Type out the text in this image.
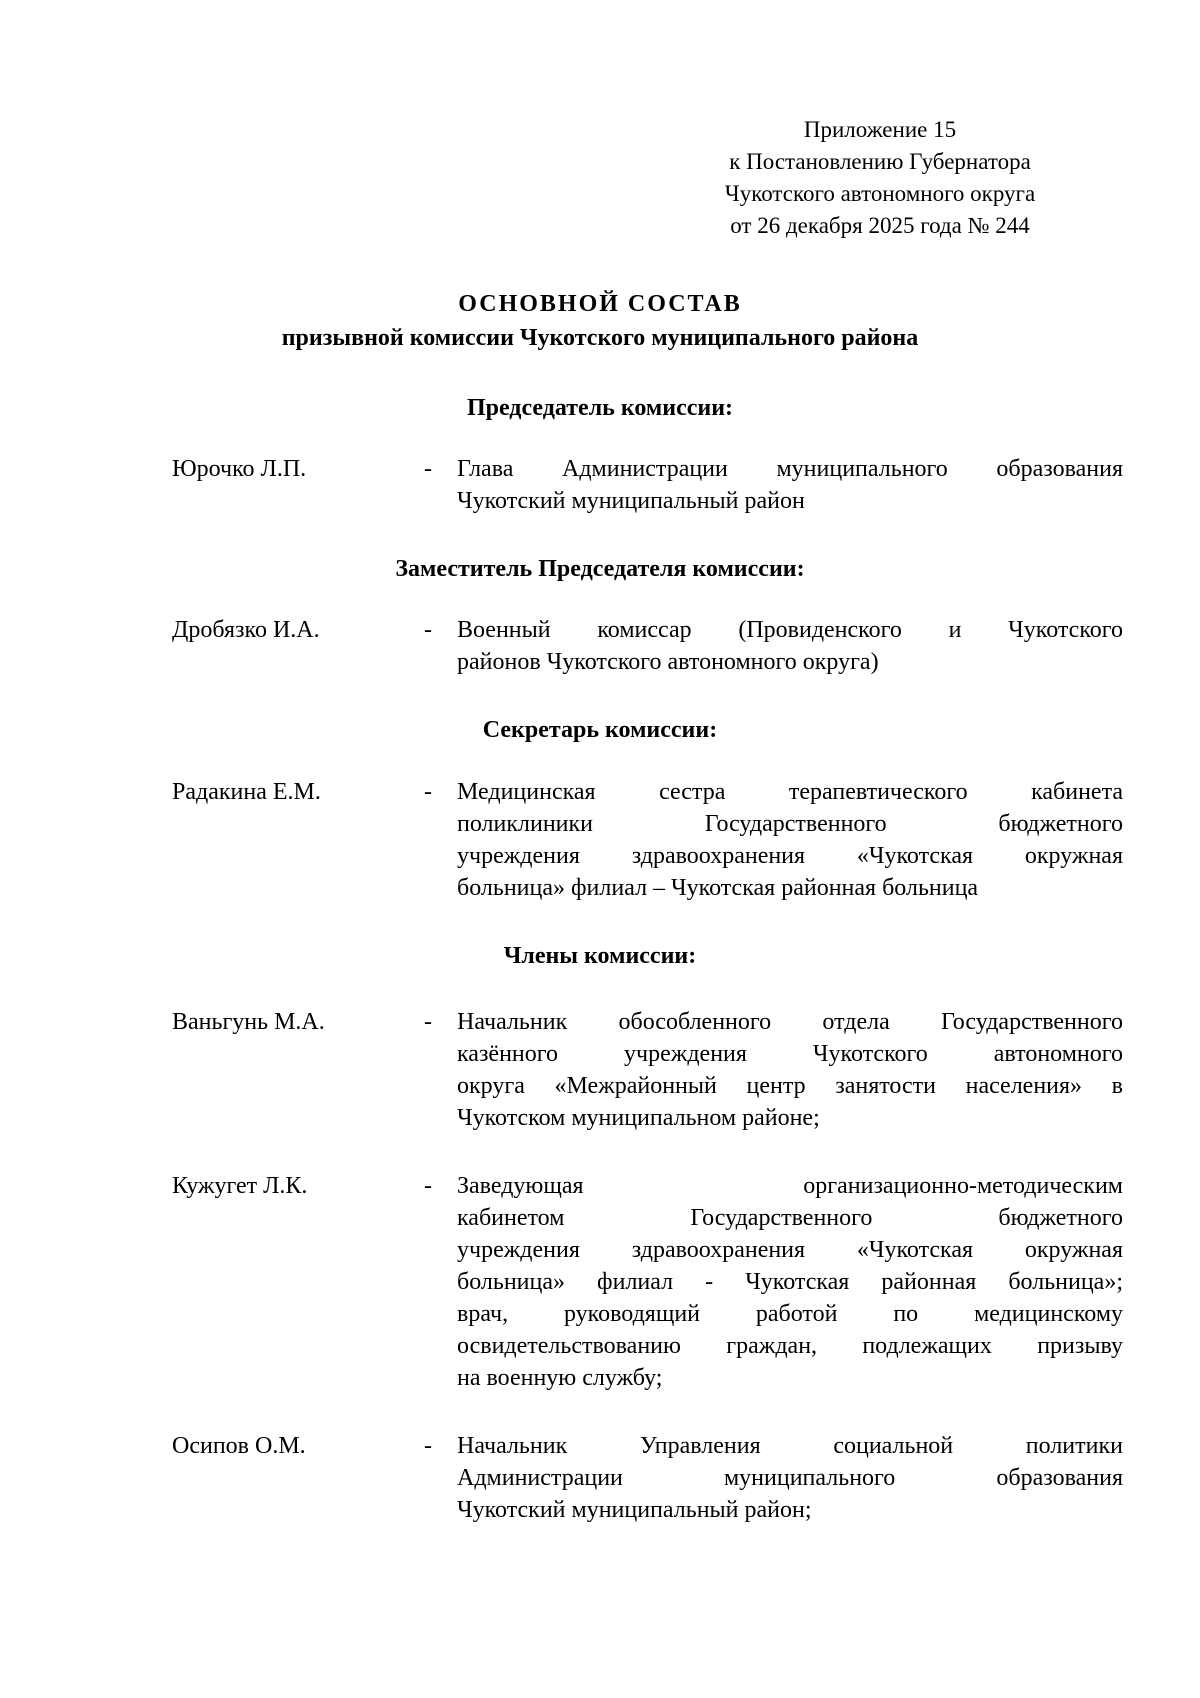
Приложение 15
к Постановлению Губернатора
Чукотского автономного округа
от 26 декабря 2025 года № 244
ОСНОВНОЙ СОСТАВ
призывной комиссии Чукотского муниципального района
Председатель комиссии:
Юрочко Л.П.	- Глава Администрации муниципального образования
Чукотский муниципальный район
Заместитель Председателя комиссии:
Дробязко И.А.	- Военный комиссар (Провиденского и Чукотского
районов Чукотского автономного округа)
Секретарь комиссии:
Радакина Е.М.	- Медицинская сестра терапевтического кабинета
поликлиники Государственного бюджетного
учреждения здравоохранения «Чукотская окружная
больница» филиал – Чукотская районная больница
Члены комиссии:
Ваньгунь М.А.	- Начальник обособленного отдела Государственного
казённого учреждения Чукотского автономного
округа «Межрайонный центр занятости населения» в
Чукотском муниципальном районе;
Кужугет Л.К.	- Заведующая организационно-методическим
кабинетом Государственного бюджетного
учреждения здравоохранения «Чукотская окружная
больница» филиал - Чукотская районная больница»;
врач, руководящий работой по медицинскому
освидетельствованию граждан, подлежащих призыву
на военную службу;
Осипов О.М.	- Начальник Управления социальной политики
Администрации муниципального образования
Чукотский муниципальный район;
